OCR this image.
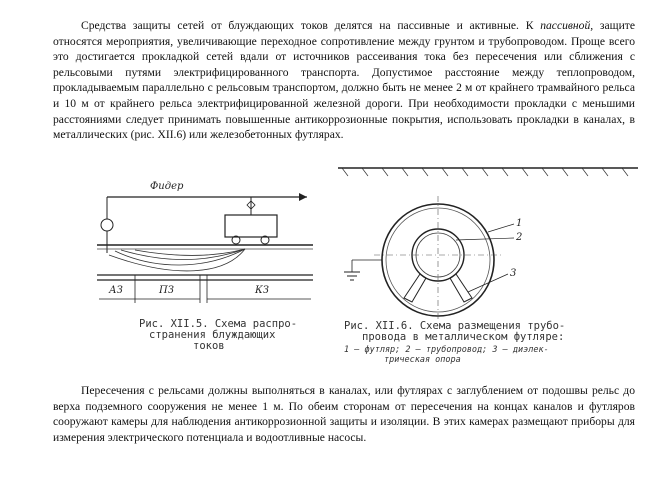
Средства защиты сетей от блуждающих токов делятся на пассивные и активные. К пассивной, защите относятся мероприятия, увеличивающие переходное сопротивление между грунтом и трубопроводом. Проще всего это достигается прокладкой сетей вдали от источников рассеивания тока без пересечения или сближения с рельсовыми путями электрифицированного транспорта. Допустимое расстояние между теплопроводом, прокладываемым параллельно с рельсовым транспортом, должно быть не менее 2 м от крайнего трамвайного рельса и 10 м от крайнего рельса электрифицированной железной дороги. При необходимости прокладки с меньшими расстояниями следует принимать повышенные антикоррозионные покрытия, использовать прокладки в каналах, в металлических (рис. XII.6) или железобетонных футлярах.

Фидер
АЗ	ПЗ	КЗ
Рис. XII.5. Схема распро-
странения блуждающих
токов
1
2
3
Рис. XII.6. Схема размещения трубо-
провода в металлическом футляре:
1 — футляр; 2 — трубопровод; 3 — диэлек-
трическая опора

Пересечения с рельсами должны выполняться в каналах, или футлярах с заглублением от подошвы рельс до верха подземного сооружения не менее 1 м. По обеим сторонам от пересечения на концах каналов и футляров сооружают камеры для наблюдения антикоррозионной защиты и изоляции. В этих камерах размещают приборы для измерения электрического потенциала и водоотливные насосы.
